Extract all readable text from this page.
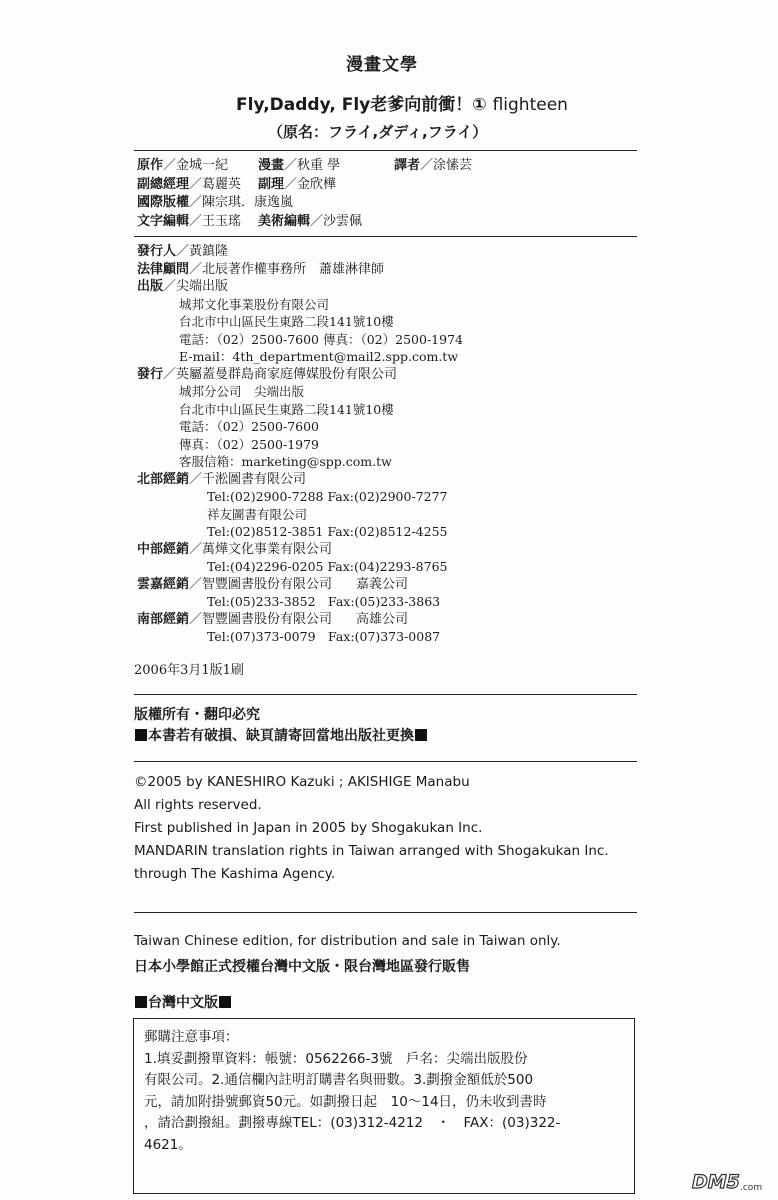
漫畫文學
Fly,Daddy, Fly老爹向前衝！① flighteen
（原名：フライ,ダディ,フライ）
原作／金城一紀 漫畫／秋重 學	譯者／涂愫芸
副總經理／葛麗英 副理／金欣樺
國際版權／陳宗琪．康逸嵐
文字編輯／王玉瑤 美術編輯／沙雲佩
發行人／黃鎮隆
法律顧問／北辰著作權事務所　蕭雄淋律師
出版／尖端出版
城邦文化事業股份有限公司
台北市中山區民生東路二段141號10樓
電話：（02）2500-7600 傳真：（02）2500-1974
E-mail：4th_department@mail2.spp.com.tw
發行／英屬蓋曼群島商家庭傳媒股份有限公司
城邦分公司　尖端出版
台北市中山區民生東路二段141號10樓
電話：（02）2500-7600
傳真：（02）2500-1979
客服信箱：marketing@spp.com.tw
北部經銷／千淞圖書有限公司
Tel:(02)2900-7288 Fax:(02)2900-7277
祥友圖書有限公司
Tel:(02)8512-3851 Fax:(02)8512-4255
中部經銷／萬燁文化事業有限公司
Tel:(04)2296-0205 Fax:(04)2293-8765
雲嘉經銷／智豐圖書股份有限公司 嘉義公司
Tel:(05)233-3852　Fax:(05)233-3863
南部經銷／智豐圖書股份有限公司 高雄公司
Tel:(07)373-0079　Fax:(07)373-0087
2006年3月1版1刷
版權所有・翻印必究
本書若有破損、缺頁請寄回當地出版社更換
©2005 by KANESHIRO Kazuki ; AKISHIGE Manabu
All rights reserved.
First published in Japan in 2005 by Shogakukan Inc.
MANDARIN translation rights in Taiwan arranged with Shogakukan Inc.
through The Kashima Agency.
Taiwan Chinese edition, for distribution and sale in Taiwan only.
日本小學館正式授權台灣中文版・限台灣地區發行販售
台灣中文版
郵購注意事項：
1.填妥劃撥單資料：帳號：0562266-3號　戶名：尖端出版股份
有限公司。2.通信欄內註明訂購書名與冊數。3.劃撥金額低於500
元，請加附掛號郵資50元。如劃撥日起　10～14日，仍未收到書時
，請洽劃撥組。劃撥專線TEL：(03)312-4212　・　FAX：(03)322-
4621。
DM5 .com
